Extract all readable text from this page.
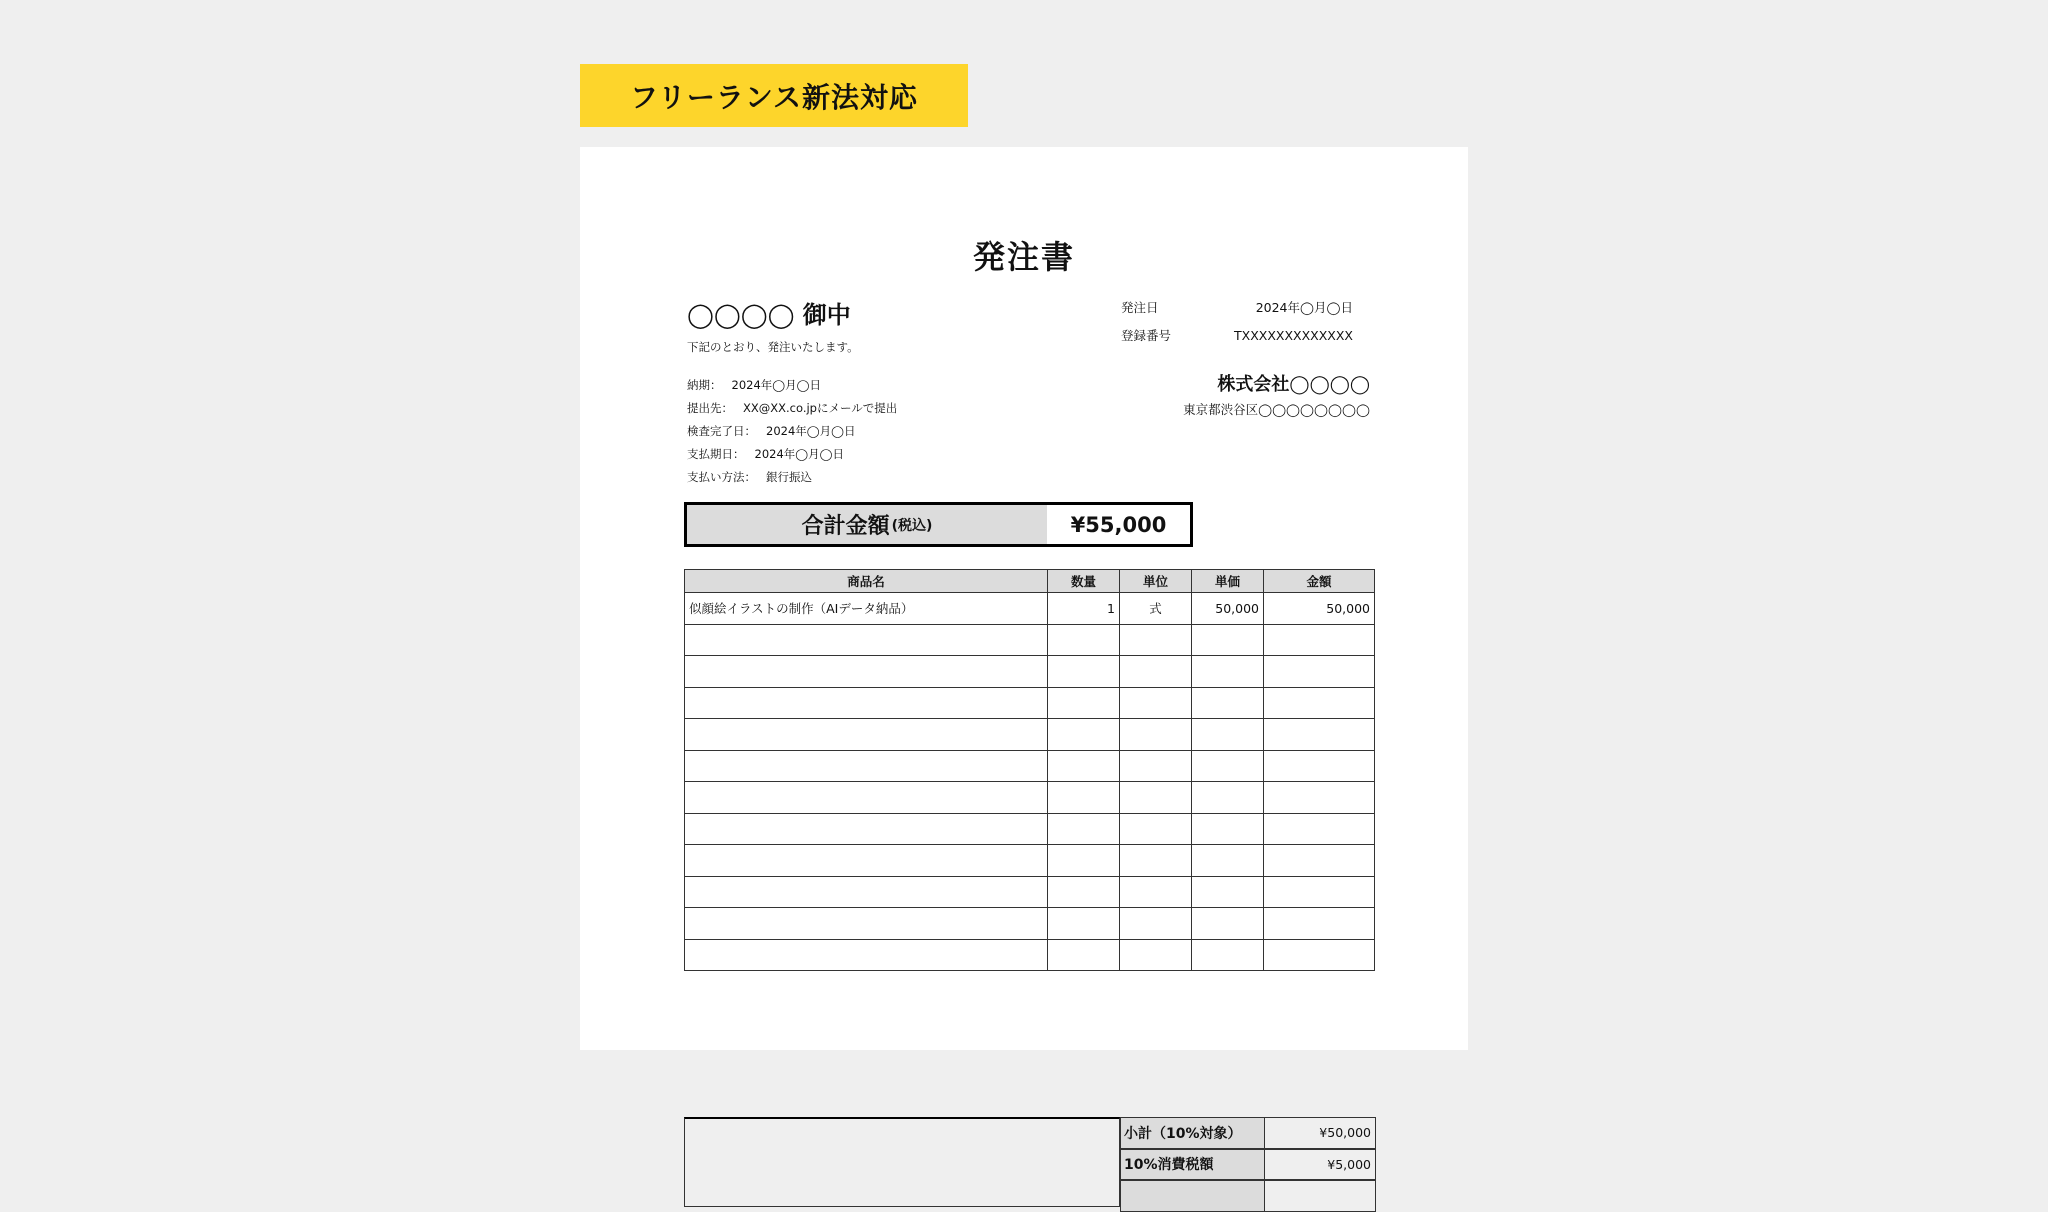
フリーランス新法対応
発注書
◯◯◯◯ 御中
下記のとおり、発注いたします。
納期： 2024年◯月◯日
提出先： XX@XX.co.jpにメールで提出
検査完了日： 2024年◯月◯日
支払期日： 2024年◯月◯日
支払い方法： 銀行振込
発注日	2024年◯月◯日
登録番号	TXXXXXXXXXXXXX
株式会社◯◯◯◯
東京都渋谷区◯◯◯◯◯◯◯◯
合計金額 (税込)	¥55,000
商品名	数量	単位	単価	金額
似顔絵イラストの制作（AIデータ納品）	1	式	50,000	50,000

小計（10%対象）	¥50,000
10%消費税額	¥5,000
